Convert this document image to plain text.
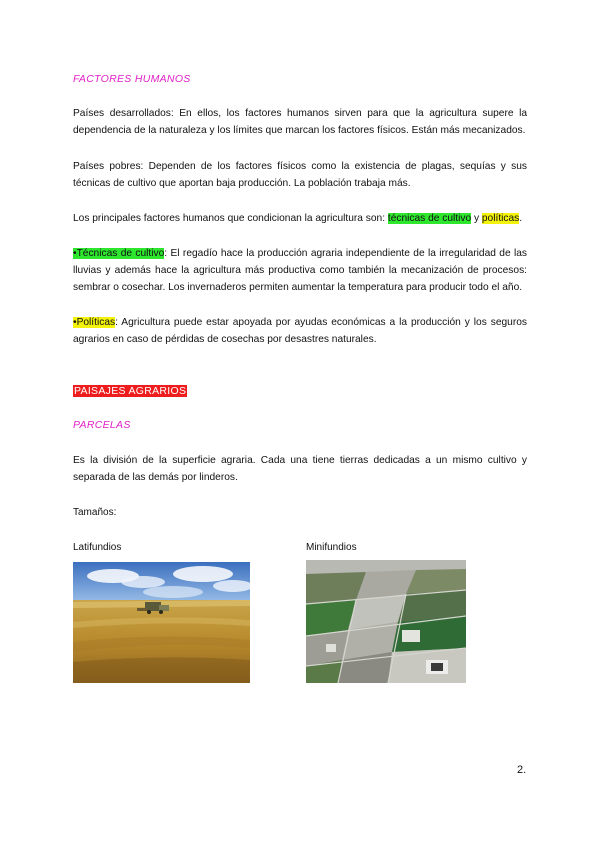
FACTORES HUMANOS
Países desarrollados: En ellos, los factores humanos sirven para que la agricultura supere la dependencia de la naturaleza y los límites que marcan los factores físicos. Están más mecanizados.
Países pobres: Dependen de los factores físicos como la existencia de plagas, sequías y sus técnicas de cultivo que aportan baja producción. La población trabaja más.
Los principales factores humanos que condicionan la agricultura son: técnicas de cultivo y políticas.
•Técnicas de cultivo: El regadío hace la producción agraria independiente de la irregularidad de las lluvias y además hace la agricultura más productiva como también la mecanización de procesos: sembrar o cosechar. Los invernaderos permiten aumentar la temperatura para producir todo el año.
•Políticas: Agricultura puede estar apoyada por ayudas económicas a la producción y los seguros agrarios en caso de pérdidas de cosechas por desastres naturales.
PAISAJES AGRARIOS
PARCELAS
Es la división de la superficie agraria. Cada una tiene tierras dedicadas a un mismo cultivo y separada de las demás por linderos.
Tamaños:
Latifundios	Minifundios
2.
